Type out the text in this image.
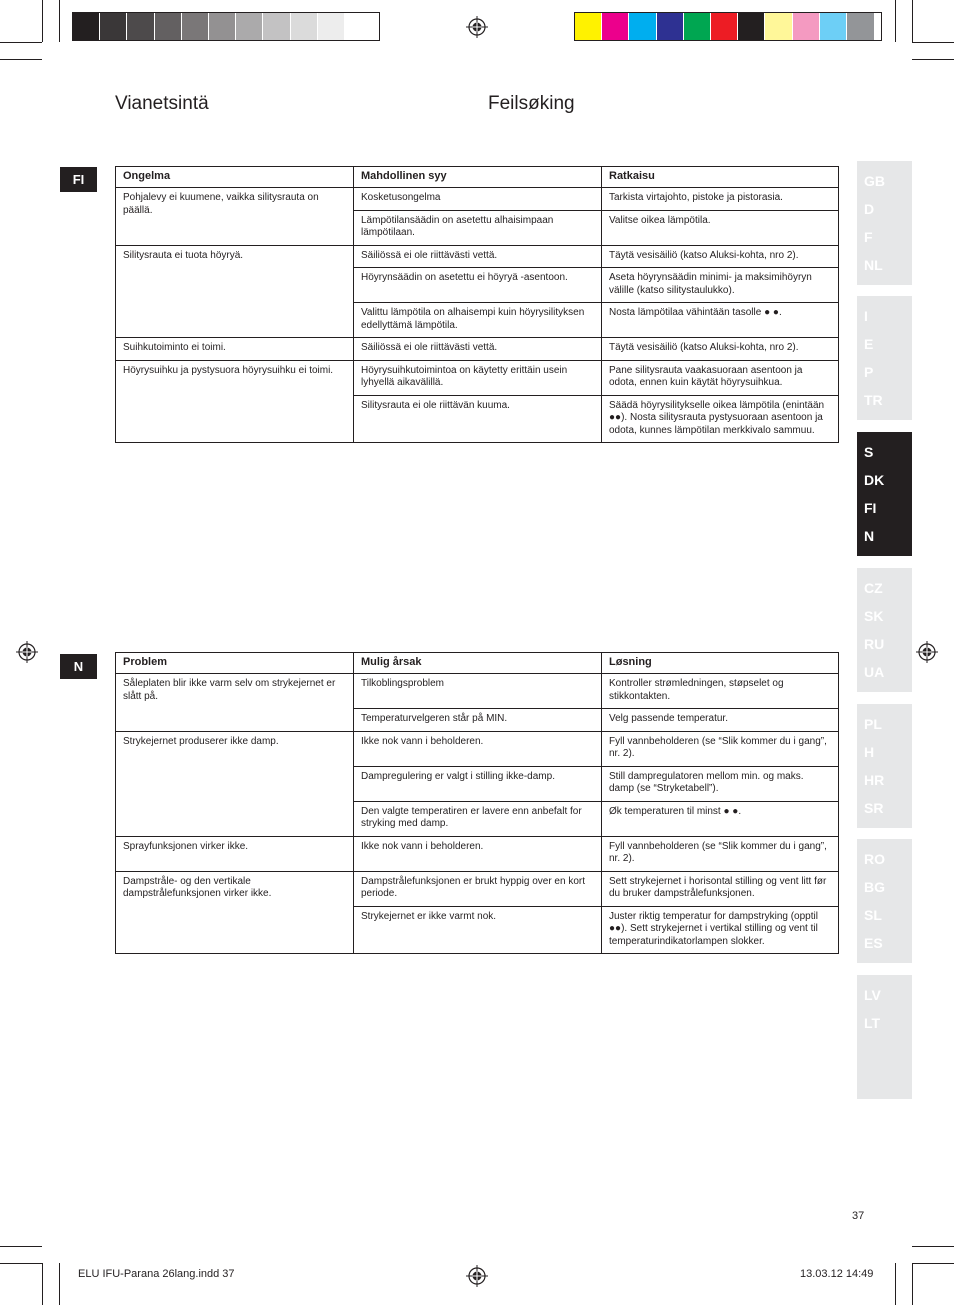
Vianetsintä	Feilsøking
FI	Ongelma	Mahdollinen syy	Ratkaisu
Pohjalevy ei kuumene, vaikka silitysrauta on päällä.	Kosketusongelma	Tarkista virtajohto, pistoke ja pistorasia.
	Lämpötilansäädin on asetettu alhaisimpaan lämpötilaan.	Valitse oikea lämpötila.
Silitysrauta ei tuota höyryä.	Säiliössä ei ole riittävästi vettä.	Täytä vesisäiliö (katso Aluksi-kohta, nro 2).
	Höyrynsäädin on asetettu ei höyryä -asentoon.	Aseta höyrynsäädin minimi- ja maksimihöyryn välille (katso silitystaulukko).
	Valittu lämpötila on alhaisempi kuin höyrysilityksen edellyttämä lämpötila.	Nosta lämpötilaa vähintään tasolle ● ●.
Suihkutoiminto ei toimi.	Säiliössä ei ole riittävästi vettä.	Täytä vesisäiliö (katso Aluksi-kohta, nro 2).
Höyrysuihku ja pystysuora höyrysuihku ei toimi.	Höyrysuihkutoimintoa on käytetty erittäin usein lyhyellä aikavälillä.	Pane silitysrauta vaakasuoraan asentoon ja odota, ennen kuin käytät höyrysuihkua.
	Silitysrauta ei ole riittävän kuuma.	Säädä höyrysilitykselle oikea lämpötila (enintään ●●). Nosta silitysrauta pystysuoraan asentoon ja odota, kunnes lämpötilan merkkivalo sammuu.
N	Problem	Mulig årsak	Løsning
Såleplaten blir ikke varm selv om strykejernet er slått på.	Tilkoblingsproblem	Kontroller strømledningen, støpselet og stikkontakten.
	Temperaturvelgeren står på MIN.	Velg passende temperatur.
Strykejernet produserer ikke damp.	Ikke nok vann i beholderen.	Fyll vannbeholderen (se “Slik kommer du i gang”, nr. 2).
	Dampregulering er valgt i stilling ikke-damp.	Still dampregulatoren mellom min. og maks. damp (se “Stryketabell”).
	Den valgte temperatiren er lavere enn anbefalt for stryking med damp.	Øk temperaturen til minst ● ●.
Sprayfunksjonen virker ikke.	Ikke nok vann i beholderen.	Fyll vannbeholderen (se “Slik kommer du i gang”, nr. 2).
Dampstråle- og den vertikale dampstrålefunksjonen virker ikke.	Dampstrålefunksjonen er brukt hyppig over en kort periode.	Sett strykejernet i horisontal stilling og vent litt før du bruker dampstrålefunksjonen.
	Strykejernet er ikke varmt nok.	Juster riktig temperatur for dampstryking (opptil ●●). Sett strykejernet i vertikal stilling og vent til temperaturindikatorlampen slokker.
GB
D
F
NL
I
E
P
TR
S
DK
FI
N
CZ
SK
RU
UA
PL
H
HR
SR
RO
BG
SL
ES
LV
LT
37
ELU IFU-Parana 26lang.indd 37	13.03.12 14:49
